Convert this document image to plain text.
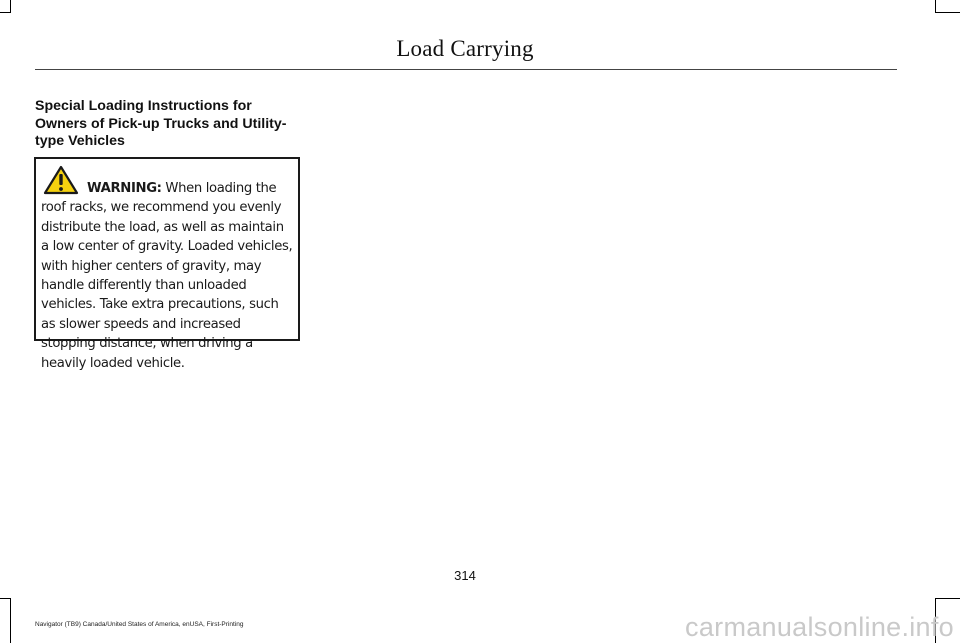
Load Carrying
Special Loading Instructions for Owners of Pick-up Trucks and Utility-type Vehicles
WARNING: When loading the
roof racks, we recommend you evenly distribute the load, as well as maintain a low center of gravity. Loaded vehicles, with higher centers of gravity, may handle differently than unloaded vehicles. Take extra precautions, such as slower speeds and increased stopping distance, when driving a heavily loaded vehicle.
314
Navigator (TB9) Canada/United States of America, enUSA, First-Printing	carmanualsonline.info
